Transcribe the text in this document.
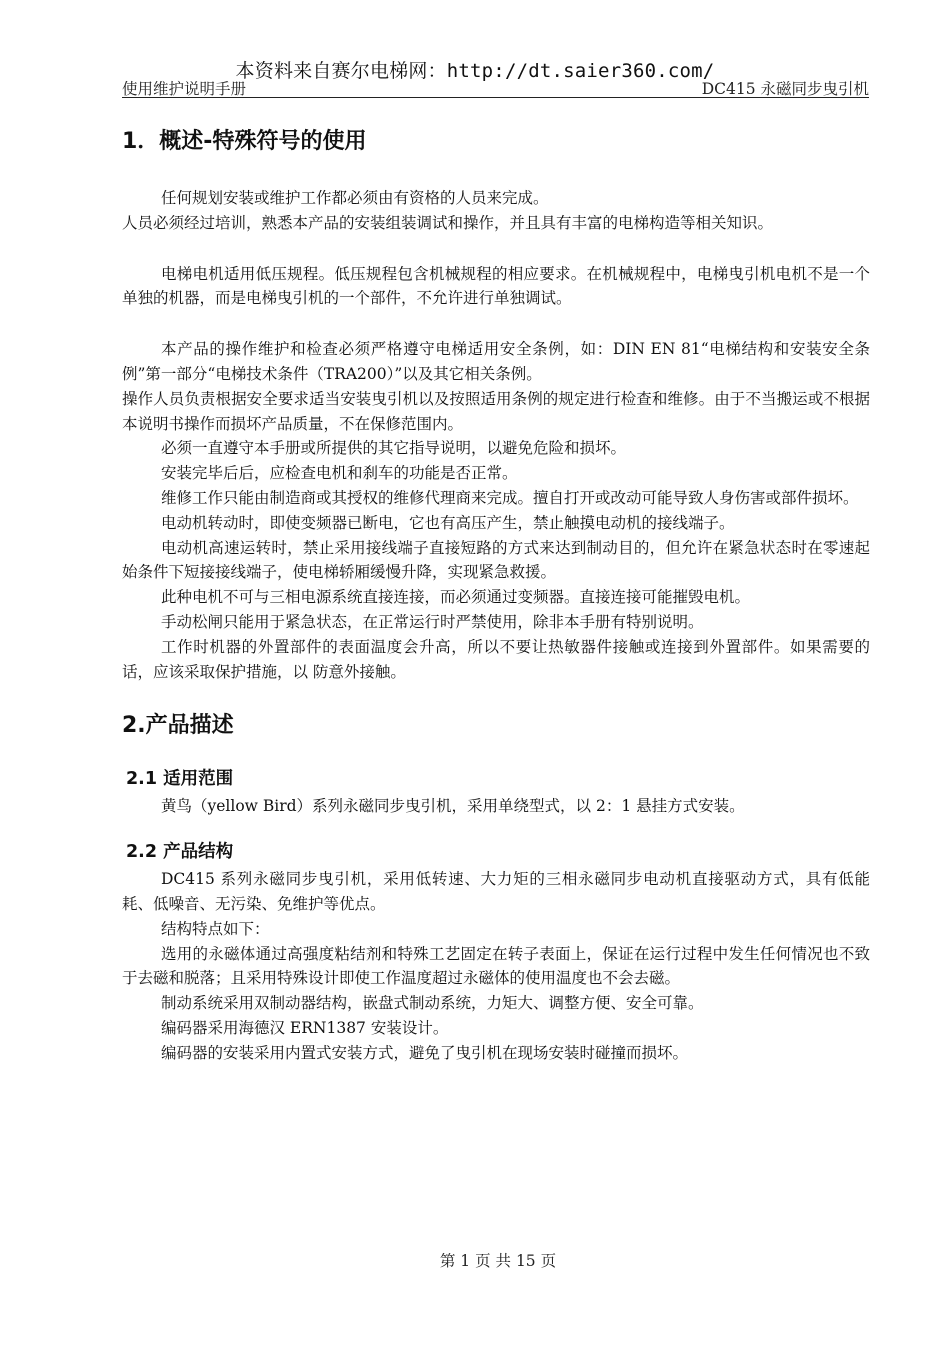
本资料来自赛尔电梯网：http://dt.saier360.com/
使用维护说明手册	DC415 永磁同步曳引机
1．概述-特殊符号的使用

任何规划安装或维护工作都必须由有资格的人员来完成。

人员必须经过培训，熟悉本产品的安装组装调试和操作，并且具有丰富的电梯构造等相关知识。

电梯电机适用低压规程。低压规程包含机械规程的相应要求。在机械规程中，电梯曳引机电机不是一个单独的机器，而是电梯曳引机的一个部件，不允许进行单独调试。

本产品的操作维护和检查必须严格遵守电梯适用安全条例，如：DIN EN 81“电梯结构和安装安全条例”第一部分“电梯技术条件（TRA200）”以及其它相关条例。

操作人员负责根据安全要求适当安装曳引机以及按照适用条例的规定进行检查和维修。由于不当搬运或不根据本说明书操作而损坏产品质量，不在保修范围内。

必须一直遵守本手册或所提供的其它指导说明，以避免危险和损坏。

安装完毕后后，应检查电机和刹车的功能是否正常。

维修工作只能由制造商或其授权的维修代理商来完成。擅自打开或改动可能导致人身伤害或部件损坏。

电动机转动时，即使变频器已断电，它也有高压产生，禁止触摸电动机的接线端子。

电动机高速运转时，禁止采用接线端子直接短路的方式来达到制动目的，但允许在紧急状态时在零速起始条件下短接接线端子，使电梯轿厢缓慢升降，实现紧急救援。

此种电机不可与三相电源系统直接连接，而必须通过变频器。直接连接可能摧毁电机。

手动松闸只能用于紧急状态，在正常运行时严禁使用，除非本手册有特别说明。

工作时机器的外置部件的表面温度会升高，所以不要让热敏器件接触或连接到外置部件。如果需要的话，应该采取保护措施，以 防意外接触。

2.产品描述
2.1 适用范围

黄鸟（yellow Bird）系列永磁同步曳引机，采用单绕型式，以 2：1 悬挂方式安装。

2.2 产品结构

DC415 系列永磁同步曳引机，采用低转速、大力矩的三相永磁同步电动机直接驱动方式，具有低能耗、低噪音、无污染、免维护等优点。

结构特点如下：

选用的永磁体通过高强度粘结剂和特殊工艺固定在转子表面上，保证在运行过程中发生任何情况也不致于去磁和脱落；且采用特殊设计即使工作温度超过永磁体的使用温度也不会去磁。

制动系统采用双制动器结构，嵌盘式制动系统，力矩大、调整方便、安全可靠。

编码器采用海德汉 ERN1387 安装设计。

编码器的安装采用内置式安装方式，避免了曳引机在现场安装时碰撞而损坏。

第 1 页 共 15 页
